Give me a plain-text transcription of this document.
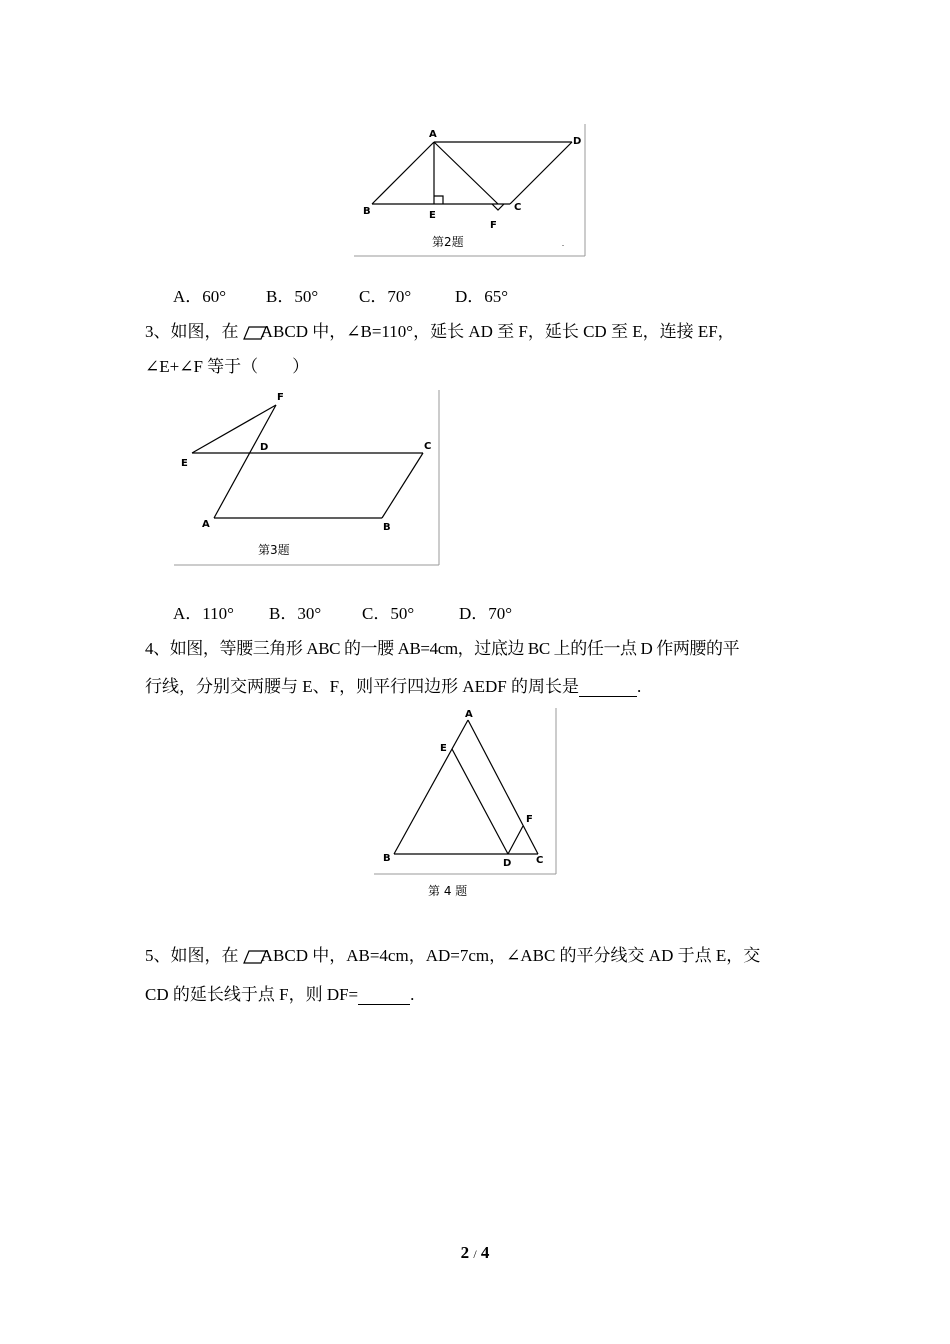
A
D
B	E
C
F
第2题	.
A．60° B．50° C．70°	D．65°
3、如图，在 ABCD 中，∠B=110°，延长 AD 至 F，延长 CD 至 E，连接 EF，
∠E+∠F 等于（　　）
F
D	C
E
A	B
第3题
A．110° B．30° C．50°	D．70°
4、如图，等腰三角形 ABC 的一腰 AB=4cm，过底边 BC 上的任一点 D 作两腰的平
行线，分别交两腰与 E、F，则平行四边形 AEDF 的周长是	.
A
E
F
B	D C
第 4 题
5、如图，在 ABCD 中，AB=4cm，AD=7cm，∠ABC 的平分线交 AD 于点 E，交
CD 的延长线于点 F，则 DF=	.
2 / 4
